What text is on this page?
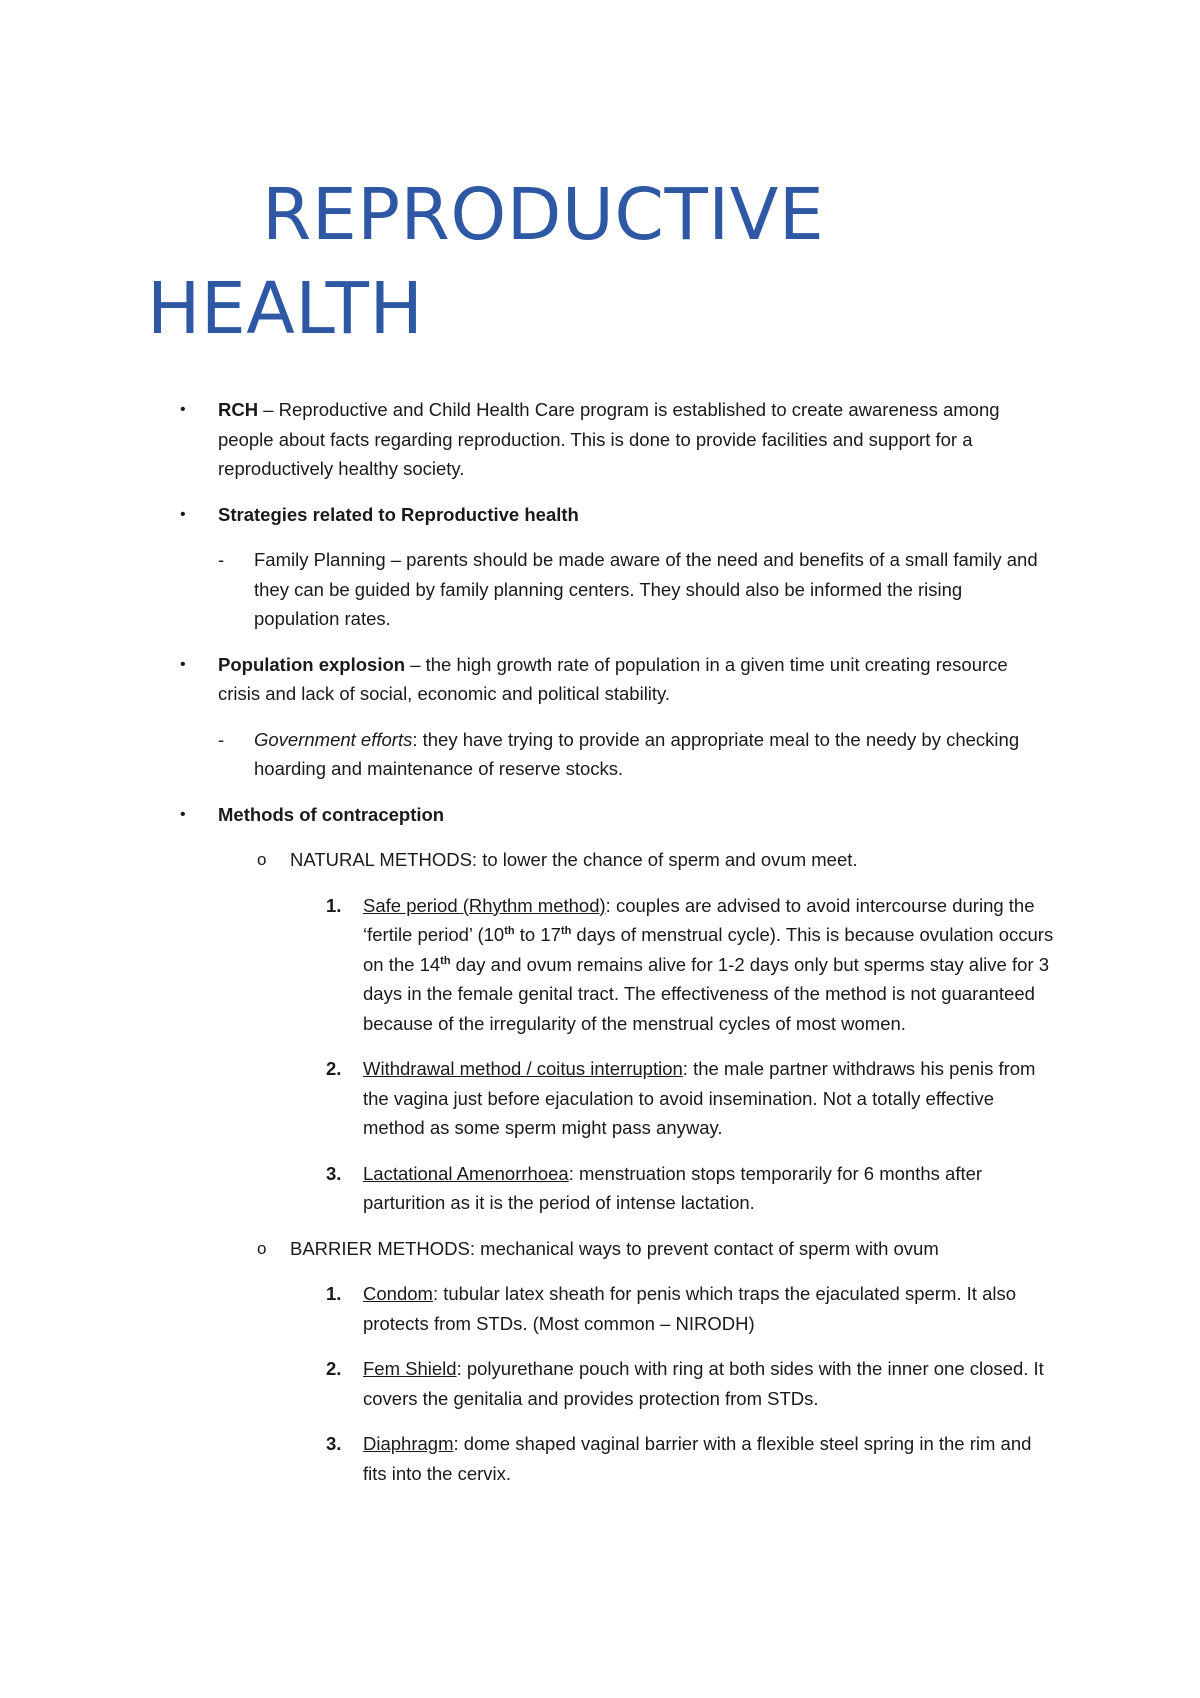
REPRODUCTIVE
HEALTH
• RCH – Reproductive and Child Health Care program is established to create awareness among people about facts regarding reproduction. This is done to provide facilities and support for a reproductively healthy society.
• Strategies related to Reproductive health
- Family Planning – parents should be made aware of the need and benefits of a small family and they can be guided by family planning centers. They should also be informed the rising population rates.
• Population explosion – the high growth rate of population in a given time unit creating resource crisis and lack of social, economic and political stability.
- Government efforts: they have trying to provide an appropriate meal to the needy by checking hoarding and maintenance of reserve stocks.
• Methods of contraception
o NATURAL METHODS: to lower the chance of sperm and ovum meet.
1. Safe period (Rhythm method): couples are advised to avoid intercourse during the ‘fertile period’ (10th to 17th days of menstrual cycle). This is because ovulation occurs on the 14th day and ovum remains alive for 1-2 days only but sperms stay alive for 3 days in the female genital tract. The effectiveness of the method is not guaranteed because of the irregularity of the menstrual cycles of most women.
2. Withdrawal method / coitus interruption: the male partner withdraws his penis from the vagina just before ejaculation to avoid insemination. Not a totally effective method as some sperm might pass anyway.
3. Lactational Amenorrhoea: menstruation stops temporarily for 6 months after parturition as it is the period of intense lactation.
o BARRIER METHODS: mechanical ways to prevent contact of sperm with ovum
1. Condom: tubular latex sheath for penis which traps the ejaculated sperm. It also protects from STDs. (Most common – NIRODH)
2. Fem Shield: polyurethane pouch with ring at both sides with the inner one closed. It covers the genitalia and provides protection from STDs.
3. Diaphragm: dome shaped vaginal barrier with a flexible steel spring in the rim and fits into the cervix.
